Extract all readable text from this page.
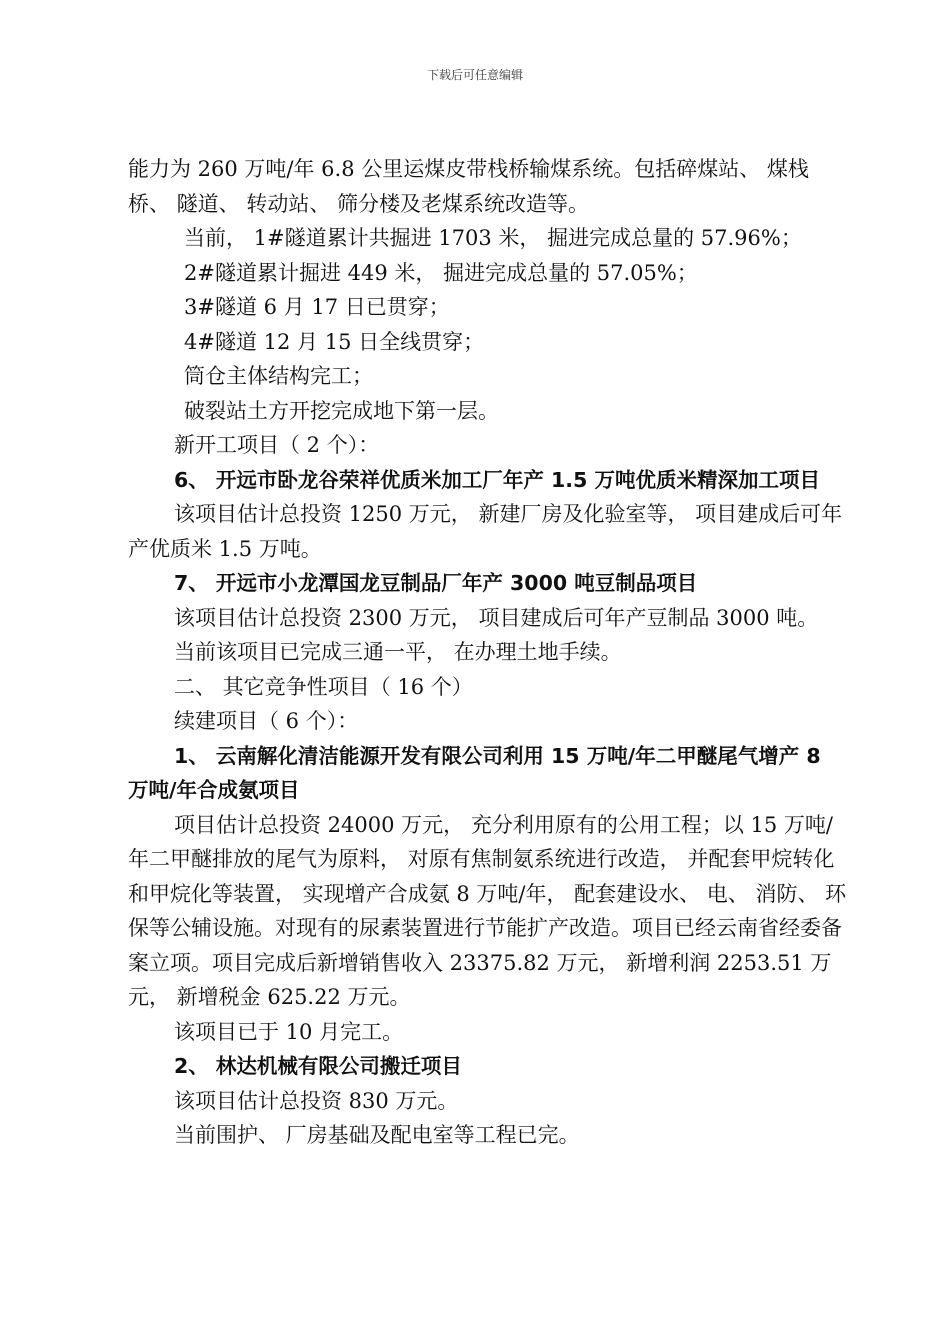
下载后可任意编辑

能力为 260 万吨/年 6.8 公里运煤皮带栈桥输煤系统。包括碎煤站、 煤栈桥、 隧道、 转动站、 筛分楼及老煤系统改造等。

当前， 1#隧道累计共掘进 1703 米， 掘进完成总量的 57.96%；

2#隧道累计掘进 449 米， 掘进完成总量的 57.05%；

3#隧道 6 月 17 日已贯穿；

4#隧道 12 月 15 日全线贯穿；

筒仓主体结构完工；

破裂站土方开挖完成地下第一层。

新开工项目（ 2 个）：

6、 开远市卧龙谷荣祥优质米加工厂年产 1.5 万吨优质米精深加工项目

该项目估计总投资 1250 万元， 新建厂房及化验室等， 项目建成后可年产优质米 1.5 万吨。

7、 开远市小龙潭国龙豆制品厂年产 3000 吨豆制品项目

该项目估计总投资 2300 万元， 项目建成后可年产豆制品 3000 吨。

当前该项目已完成三通一平， 在办理土地手续。

二、 其它竞争性项目（ 16 个）

续建项目（ 6 个）：

1、 云南解化清洁能源开发有限公司利用 15 万吨/年二甲醚尾气增产 8 万吨/年合成氨项目

项目估计总投资 24000 万元， 充分利用原有的公用工程；以 15 万吨/年二甲醚排放的尾气为原料， 对原有焦制氨系统进行改造， 并配套甲烷转化和甲烷化等装置， 实现增产合成氨 8 万吨/年， 配套建设水、 电、 消防、 环保等公辅设施。对现有的尿素装置进行节能扩产改造。项目已经云南省经委备案立项。项目完成后新增销售收入 23375.82 万元， 新增利润 2253.51 万元， 新增税金 625.22 万元。

该项目已于 10 月完工。

2、 林达机械有限公司搬迁项目

该项目估计总投资 830 万元。

当前围护、 厂房基础及配电室等工程已完。
